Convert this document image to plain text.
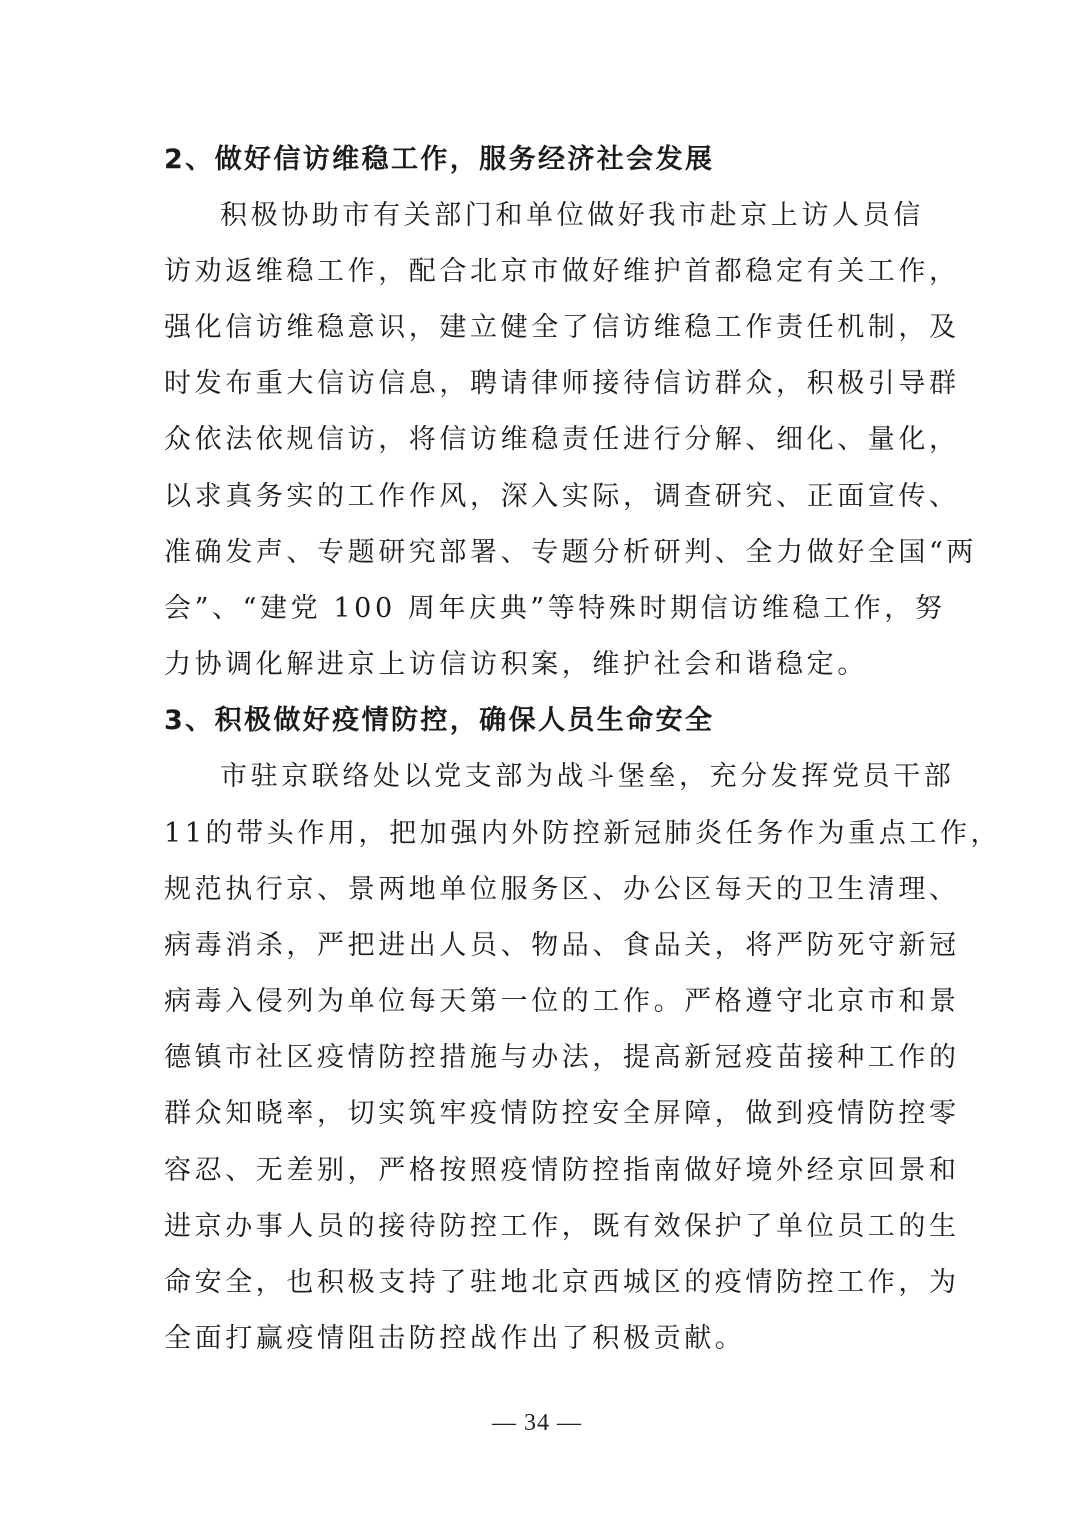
2、做好信访维稳工作，服务经济社会发展
积极协助市有关部门和单位做好我市赴京上访人员信
访劝返维稳工作，配合北京市做好维护首都稳定有关工作，
强化信访维稳意识，建立健全了信访维稳工作责任机制，及
时发布重大信访信息，聘请律师接待信访群众，积极引导群
众依法依规信访，将信访维稳责任进行分解、细化、量化，
以求真务实的工作作风，深入实际，调查研究、正面宣传、
准确发声、专题研究部署、专题分析研判、全力做好全国“两
会”、“建党 100 周年庆典”等特殊时期信访维稳工作，努
力协调化解进京上访信访积案，维护社会和谐稳定。
3、积极做好疫情防控，确保人员生命安全
市驻京联络处以党支部为战斗堡垒，充分发挥党员干部
11的带头作用，把加强内外防控新冠肺炎任务作为重点工作，
规范执行京、景两地单位服务区、办公区每天的卫生清理、
病毒消杀，严把进出人员、物品、食品关，将严防死守新冠
病毒入侵列为单位每天第一位的工作。严格遵守北京市和景
德镇市社区疫情防控措施与办法，提高新冠疫苗接种工作的
群众知晓率，切实筑牢疫情防控安全屏障，做到疫情防控零
容忍、无差别，严格按照疫情防控指南做好境外经京回景和
进京办事人员的接待防控工作，既有效保护了单位员工的生
命安全，也积极支持了驻地北京西城区的疫情防控工作，为
全面打赢疫情阻击防控战作出了积极贡献。
— 34 —
